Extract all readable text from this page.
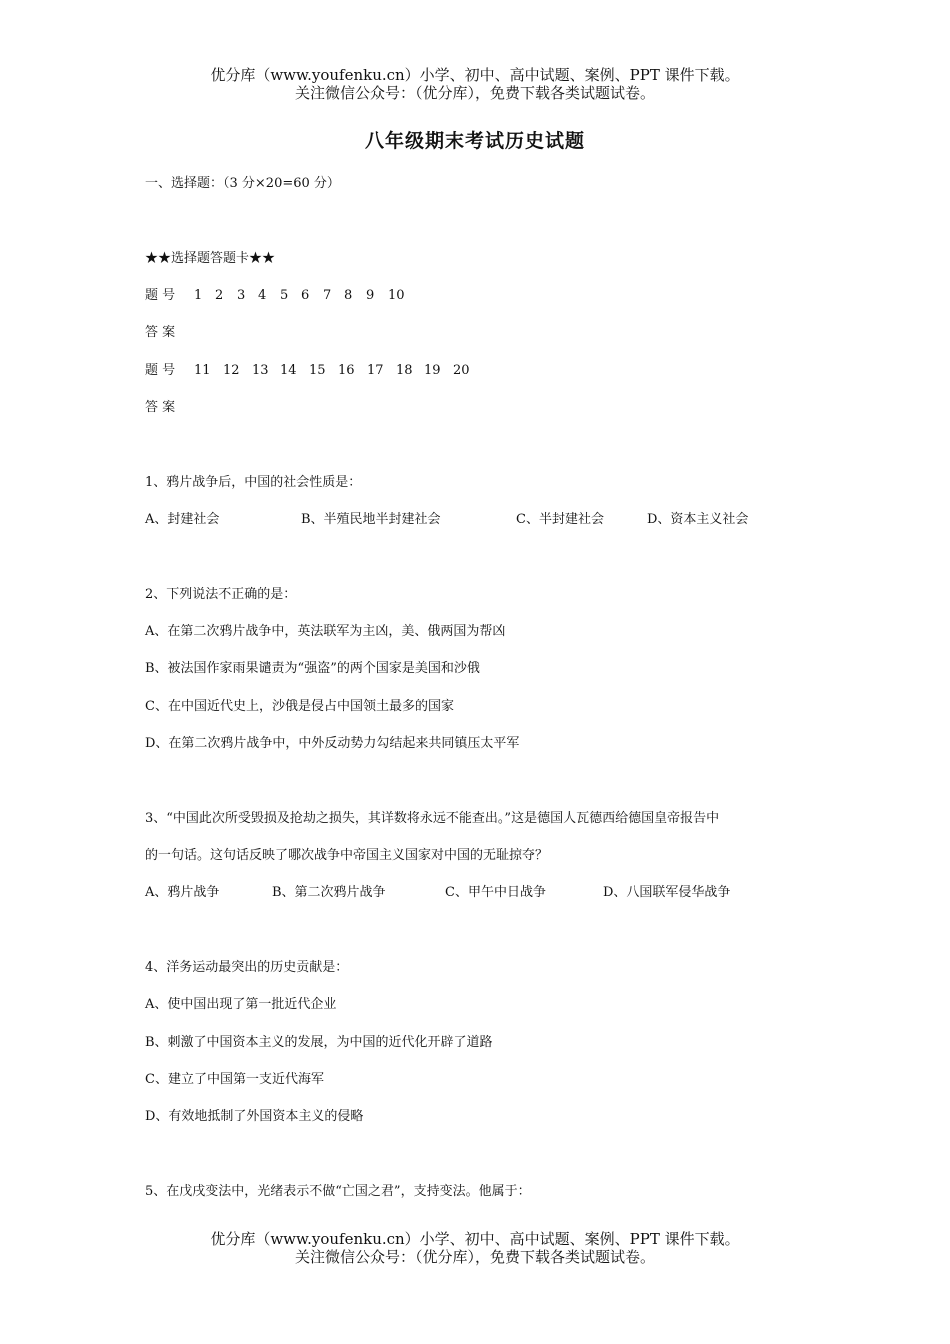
优分库（www.youfenku.cn）小学、初中、高中试题、案例、PPT 课件下载。
关注微信公众号：（优分库），免费下载各类试题试卷。
八年级期末考试历史试题
一、选择题：（3 分×20=60 分）
★★选择题答题卡★★
题 号 1 2 3 4 5 6 7 8 9 10
答 案
题 号 11 12 13 14 15 16 17 18 19 20
答 案
1、鸦片战争后，中国的社会性质是：
A、封建社会	B、半殖民地半封建社会	C、半封建社会	D、资本主义社会
2、下列说法不正确的是：
A、在第二次鸦片战争中，英法联军为主凶，美、俄两国为帮凶
B、被法国作家雨果谴责为“强盗”的两个国家是美国和沙俄
C、在中国近代史上，沙俄是侵占中国领土最多的国家
D、在第二次鸦片战争中，中外反动势力勾结起来共同镇压太平军
3、“中国此次所受毁损及抢劫之损失，其详数将永远不能查出。”这是德国人瓦德西给德国皇帝报告中
的一句话。这句话反映了哪次战争中帝国主义国家对中国的无耻掠夺？
A、鸦片战争	B、第二次鸦片战争	C、甲午中日战争	D、八国联军侵华战争
4、洋务运动最突出的历史贡献是：
A、使中国出现了第一批近代企业
B、刺激了中国资本主义的发展，为中国的近代化开辟了道路
C、建立了中国第一支近代海军
D、有效地抵制了外国资本主义的侵略
5、在戊戌变法中，光绪表示不做“亡国之君”，支持变法。他属于：
优分库（www.youfenku.cn）小学、初中、高中试题、案例、PPT 课件下载。
关注微信公众号：（优分库），免费下载各类试题试卷。
